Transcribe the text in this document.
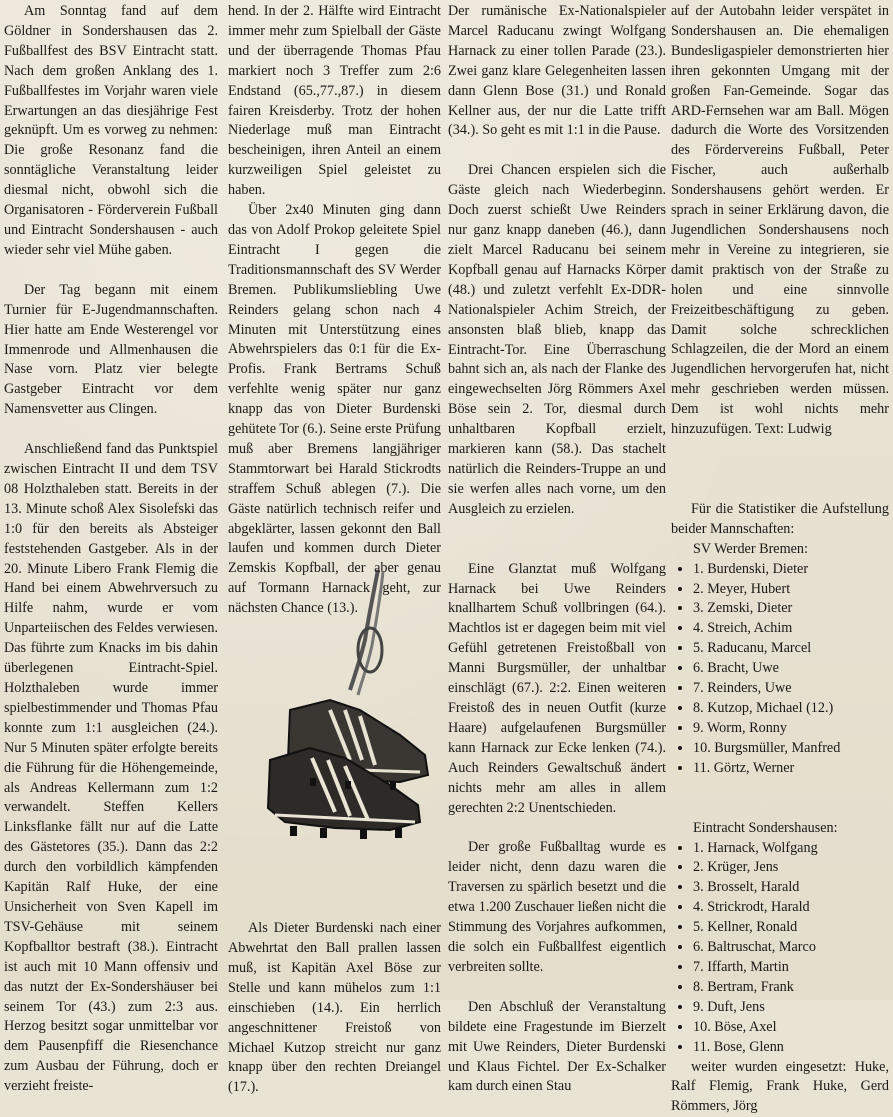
Am Sonntag fand auf dem Göldner in Sondershausen das 2. Fußballfest des BSV Eintracht statt. Nach dem großen Anklang des 1. Fußballfestes im Vorjahr waren viele Erwartungen an das diesjährige Fest geknüpft. Um es vorweg zu nehmen: Die große Resonanz fand die sonntägliche Veranstaltung leider diesmal nicht, obwohl sich die Organisatoren - Förderverein Fußball und Eintracht Sondershausen - auch wieder sehr viel Mühe gaben.

Der Tag begann mit einem Turnier für E-Jugendmannschaften. Hier hatte am Ende Westerengel vor Immenrode und Allmenhausen die Nase vorn. Platz vier belegte Gastgeber Eintracht vor dem Namensvetter aus Clingen.

Anschließend fand das Punktspiel zwischen Eintracht II und dem TSV 08 Holzthaleben statt. Bereits in der 13. Minute schoß Alex Sisolefski das 1:0 für den bereits als Absteiger feststehenden Gastgeber. Als in der 20. Minute Libero Frank Flemig die Hand bei einem Abwehrversuch zu Hilfe nahm, wurde er vom Unparteiischen des Feldes verwiesen. Das führte zum Knacks im bis dahin überlegenen Eintracht-Spiel. Holzthaleben wurde immer spielbestimmender und Thomas Pfau konnte zum 1:1 ausgleichen (24.). Nur 5 Minuten später erfolgte bereits die Führung für die Höhengemeinde, als Andreas Kellermann zum 1:2 verwandelt. Steffen Kellers Linksflanke fällt nur auf die Latte des Gästetores (35.). Dann das 2:2 durch den vorbildlich kämpfenden Kapitän Ralf Huke, der eine Unsicherheit von Sven Kapell im TSV-Gehäuse mit seinem Kopfballtor bestraft (38.). Eintracht ist auch mit 10 Mann offensiv und das nutzt der Ex-Sondershäuser bei seinem Tor (43.) zum 2:3 aus. Herzog besitzt sogar unmittelbar vor dem Pausenpfiff die Riesenchance zum Ausbau der Führung, doch er verzieht freiste-

hend. In der 2. Hälfte wird Eintracht immer mehr zum Spielball der Gäste und der überragende Thomas Pfau markiert noch 3 Treffer zum 2:6 Endstand (65.,77.,87.) in diesem fairen Kreisderby. Trotz der hohen Niederlage muß man Eintracht bescheinigen, ihren Anteil an einem kurzweiligen Spiel geleistet zu haben.

Über 2x40 Minuten ging dann das von Adolf Prokop geleitete Spiel Eintracht I gegen die Traditionsmannschaft des SV Werder Bremen. Publikumsliebling Uwe Reinders gelang schon nach 4 Minuten mit Unterstützung eines Abwehrspielers das 0:1 für die Ex-Profis. Frank Bertrams Schuß verfehlte wenig später nur ganz knapp das von Dieter Burdenski gehütete Tor (6.). Seine erste Prüfung muß aber Bremens langjähriger Stammtorwart bei Harald Stickrodts straffem Schuß ablegen (7.). Die Gäste natürlich technisch reifer und abgeklärter, lassen gekonnt den Ball laufen und kommen durch Dieter Zemskis Kopfball, der aber genau auf Tormann Harnack geht, zur nächsten Chance (13.).

Als Dieter Burdenski nach einer Abwehrtat den Ball prallen lassen muß, ist Kapitän Axel Böse zur Stelle und kann mühelos zum 1:1 einschieben (14.). Ein herrlich angeschnittener Freistoß von Michael Kutzop streicht nur ganz knapp über den rechten Dreiangel (17.).

Der rumänische Ex-Nationalspieler Marcel Raducanu zwingt Wolfgang Harnack zu einer tollen Parade (23.). Zwei ganz klare Gelegenheiten lassen dann Glenn Bose (31.) und Ronald Kellner aus, der nur die Latte trifft (34.). So geht es mit 1:1 in die Pause.

Drei Chancen erspielen sich die Gäste gleich nach Wiederbeginn. Doch zuerst schießt Uwe Reinders nur ganz knapp daneben (46.), dann zielt Marcel Raducanu bei seinem Kopfball genau auf Harnacks Körper (48.) und zuletzt verfehlt Ex-DDR-Nationalspieler Achim Streich, der ansonsten blaß blieb, knapp das Eintracht-Tor. Eine Überraschung bahnt sich an, als nach der Flanke des eingewechselten Jörg Römmers Axel Böse sein 2. Tor, diesmal durch unhaltbaren Kopfball erzielt, markieren kann (58.). Das stachelt natürlich die Reinders-Truppe an und sie werfen alles nach vorne, um den Ausgleich zu erzielen.

Eine Glanztat muß Wolfgang Harnack bei Uwe Reinders knallhartem Schuß vollbringen (64.). Machtlos ist er dagegen beim mit viel Gefühl getretenen Freistoßball von Manni Burgsmüller, der unhaltbar einschlägt (67.). 2:2. Einen weiteren Freistoß des in neuen Outfit (kurze Haare) aufgelaufenen Burgsmüller kann Harnack zur Ecke lenken (74.). Auch Reinders Gewaltschuß ändert nichts mehr am alles in allem gerechten 2:2 Unentschieden.

Der große Fußballtag wurde es leider nicht, denn dazu waren die Traversen zu spärlich besetzt und die etwa 1.200 Zuschauer ließen nicht die Stimmung des Vorjahres aufkommen, die solch ein Fußballfest eigentlich verbreiten sollte.

Den Abschluß der Veranstaltung bildete eine Fragestunde im Bierzelt mit Uwe Reinders, Dieter Burdenski und Klaus Fichtel. Der Ex-Schalker kam durch einen Stau

auf der Autobahn leider verspätet in Sondershausen an. Die ehemaligen Bundesligaspieler demonstrierten hier ihren gekonnten Umgang mit der großen Fan-Gemeinde. Sogar das ARD-Fernsehen war am Ball. Mögen dadurch die Worte des Vorsitzenden des Fördervereins Fußball, Peter Fischer, auch außerhalb Sondershausens gehört werden. Er sprach in seiner Erklärung davon, die Jugendlichen Sondershausens noch mehr in Vereine zu integrieren, sie damit praktisch von der Straße zu holen und eine sinnvolle Freizeitbeschäftigung zu geben. Damit solche schrecklichen Schlagzeilen, die der Mord an einem Jugendlichen hervorgerufen hat, nicht mehr geschrieben werden müssen. Dem ist wohl nichts mehr hinzuzufügen. Text: Ludwig

Für die Statistiker die Aufstellung beider Mannschaften:

SV Werder Bremen:
• 1. Burdenski, Dieter
• 2. Meyer, Hubert
• 3. Zemski, Dieter
• 4. Streich, Achim
• 5. Raducanu, Marcel
• 6. Bracht, Uwe
• 7. Reinders, Uwe
• 8. Kutzop, Michael (12.)
• 9. Worm, Ronny
• 10. Burgsmüller, Manfred
• 11. Görtz, Werner
Eintracht Sondershausen:
• 1. Harnack, Wolfgang
• 2. Krüger, Jens
• 3. Brosselt, Harald
• 4. Strickrodt, Harald
• 5. Kellner, Ronald
• 6. Baltruschat, Marco
• 7. Iffarth, Martin
• 8. Bertram, Frank
• 9. Duft, Jens
• 10. Böse, Axel
• 11. Bose, Glenn

weiter wurden eingesetzt: Huke, Ralf Flemig, Frank Huke, Gerd Römmers, Jörg
